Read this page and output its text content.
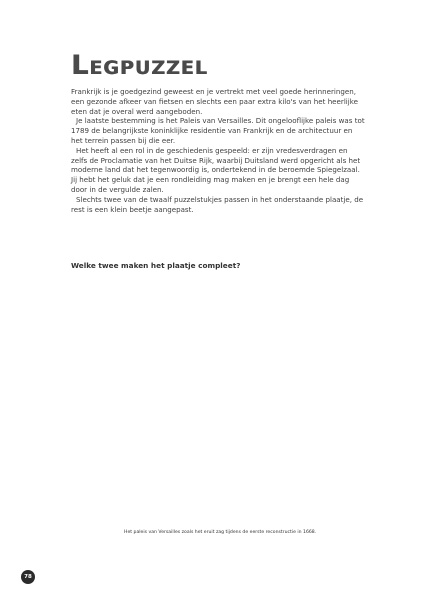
Legpuzzel

Frankrijk is je goedgezind geweest en je vertrekt met veel goede herinneringen,

een gezonde afkeer van fietsen en slechts een paar extra kilo's van het heerlijke

eten dat je overal werd aangeboden.

Je laatste bestemming is het Paleis van Versailles. Dit ongelooflijke paleis was tot

1789 de belangrijkste koninklijke residentie van Frankrijk en de architectuur en

het terrein passen bij die eer.

Het heeft al een rol in de geschiedenis gespeeld: er zijn vredesverdragen en

zelfs de Proclamatie van het Duitse Rijk, waarbij Duitsland werd opgericht als het

moderne land dat het tegenwoordig is, ondertekend in de beroemde Spiegelzaal.

Jij hebt het geluk dat je een rondleiding mag maken en je brengt een hele dag

door in de vergulde zalen.

Slechts twee van de twaalf puzzelstukjes passen in het onderstaande plaatje, de

rest is een klein beetje aangepast.

Welke twee maken het plaatje compleet?
Het paleis van Versailles zoals het eruit zag tijdens de eerste reconstructie in 1668.
78
